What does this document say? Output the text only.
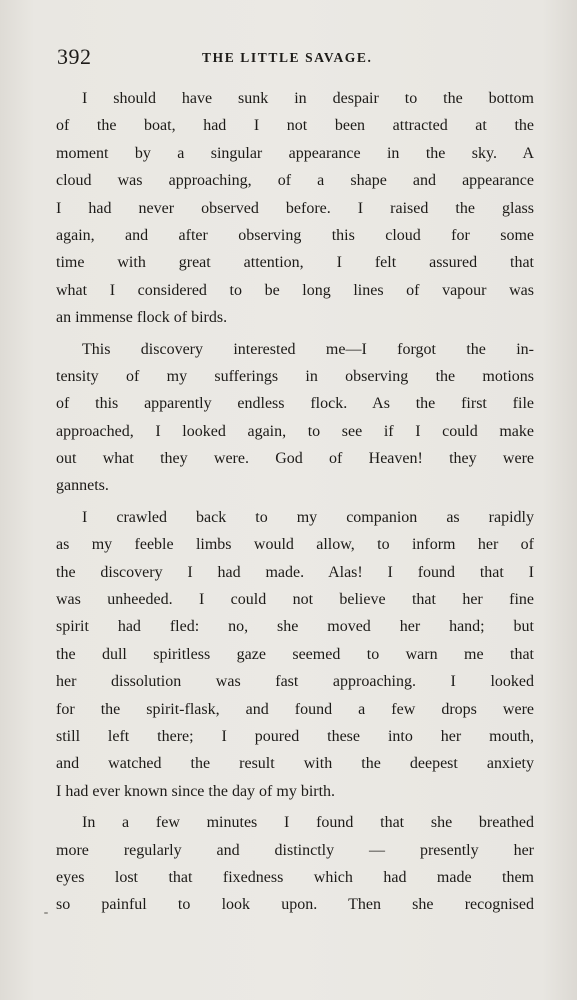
392	THE LITTLE SAVAGE.
I should have sunk in despair to the bottom
of the boat, had I not been attracted at the
moment by a singular appearance in the sky. A
cloud was approaching, of a shape and appearance
I had never observed before. I raised the glass
again, and after observing this cloud for some
time with great attention, I felt assured that
what I considered to be long lines of vapour was
an immense flock of birds.
This discovery interested me—I forgot the in-
tensity of my sufferings in observing the motions
of this apparently endless flock. As the first file
approached, I looked again, to see if I could make
out what they were. God of Heaven! they were
gannets.
I crawled back to my companion as rapidly
as my feeble limbs would allow, to inform her of
the discovery I had made. Alas! I found that I
was unheeded. I could not believe that her fine
spirit had fled: no, she moved her hand; but
the dull spiritless gaze seemed to warn me that
her dissolution was fast approaching. I looked
for the spirit-flask, and found a few drops were
still left there; I poured these into her mouth,
and watched the result with the deepest anxiety
I had ever known since the day of my birth.
In a few minutes I found that she breathed
more regularly and distinctly — presently her
eyes lost that fixedness which had made them
so painful to look upon. Then she recognised
